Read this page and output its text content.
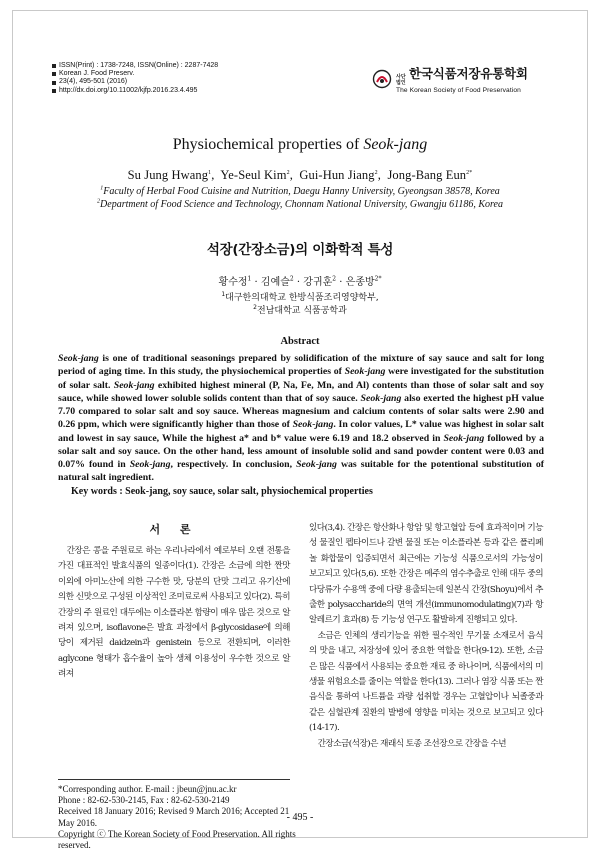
ISSN(Print) : 1738-7248, ISSN(Online) : 2287-7428
Korean J. Food Preserv.
23(4), 495-501 (2016)
http://dx.doi.org/10.11002/kjfp.2016.23.4.495
사단 법인
한국식품저장유통학회
The Korean Society of Food Preservation
Physiochemical properties of Seok-jang
Su Jung Hwang$^1$,  Ye-Seul Kim$^2$,  Gui-Hun Jiang$^2$,  Jong-Bang Eun$^{2*}$
$^1$Faculty of Herbal Food Cuisine and Nutrition, Daegu Hanny University, Gyeongsan 38578, Korea
$^2$Department of Food Science and Technology, Chonnam National University, Gwangju 61186, Korea
석장(간장소금)의 이화학적 특성
황수정$^1$ · 김예슬$^2$ · 강귀훈$^2$ · 은종방$^{2*}$
$^1$대구한의대학교 한방식품조리영양학부,
$^2$전남대학교 식품공학과
Abstract
Seok-jang is one of traditional seasonings prepared by solidification of the mixture of say sauce and salt for long period of aging time. In this study, the physiochemical properties of Seok-jang were investigated for the substitution of solar salt. Seok-jang exhibited highest mineral (P, Na, Fe, Mn, and Al) contents than those of solar salt and soy sauce, while showed lower soluble solids content than that of soy sauce. Seok-jang also exerted the highest pH value 7.70 compared to solar salt and soy sauce. Whereas magnesium and calcium contents of solar salts were 2.90 and 0.26 ppm, which were significantly higher than those of Seok-jang. In color values, L* value was highest in solar salt and lowest in say sauce, While the highest a* and b* value were 6.19 and 18.2 observed in Seok-jang followed by a solar salt and soy sauce. On the other hand, less amount of insoluble solid and sand powder content were 0.03 and 0.07% found in Seok-jang, respectively. In conclusion, Seok-jang was suitable for the potentional substitution of natural salt ingredient.
Key words : Seok-jang, soy sauce, solar salt, physiochemical properties
서 론

간장은 콩을 주원료로 하는 우리나라에서 예로부터 오랜 전통을 가진 대표적인 발효식품의 일종이다(1). 간장은 소금에 의한 짠맛 이외에 아미노산에 의한 구수한 맛, 당분의 단맛 그리고 유기산에 의한 신맛으로 구성된 이상적인 조미료로써 사용되고 있다(2). 특히 간장의 주 원료인 대두에는 이소플라본 함량이 매우 많은 것으로 알려져 있으며, isoflavone은 발효 과정에서 β-glycosidase에 의해 당이 제거된 daidzein과 genistein 등으로 전환되며, 이러한 aglycone 형태가 흡수율이 높아 생체 이용성이 우수한 것으로 알려져

있다(3,4). 간장은 항산화나 항암 및 항고혈압 등에 효과적이며 기능성 물질인 펩타이드나 갈변 물질 또는 이소플라본 등과 같은 폴리페놀 화합물이 입증되면서 최근에는 기능성 식품으로서의 가능성이 보고되고 있다(5,6). 또한 간장은 메주의 염수추출로 인해 대두 중의 다당류가 수용액 중에 다량 용출되는데 일본식 간장(Shoyu)에서 추출한 polysaccharide의 면역 개선(immunomodulating)(7)과 항알레르기 효과(8) 등 기능성 연구도 활발하게 진행되고 있다.

소금은 인체의 생리기능을 위한 필수적인 무기물 소재로서 음식의 맛을 내고, 저장성에 있어 중요한 역할을 한다(9-12). 또한, 소금은 많은 식품에서 사용되는 중요한 재료 중 하나이며, 식품에서의 미생물 위험요소를 줄이는 역할을 한다(13). 그러나 염장 식품 또는 짠 음식을 통하여 나트륨을 과량 섭취할 경우는 고혈압이나 뇌졸중과 같은 심혈관계 질환의 발병에 영향을 미치는 것으로 보고되고 있다(14-17).

간장소금(석장)은 재래식 토종 조선장으로 간장을 수년

*Corresponding author. E-mail : jbeun@jnu.ac.kr
Phone : 82-62-530-2145, Fax : 82-62-530-2149
Received 18 January 2016; Revised 9 March 2016; Accepted 21 May 2016.
Copyright ⓒ The Korean Society of Food Preservation. All rights reserved.
- 495 -
